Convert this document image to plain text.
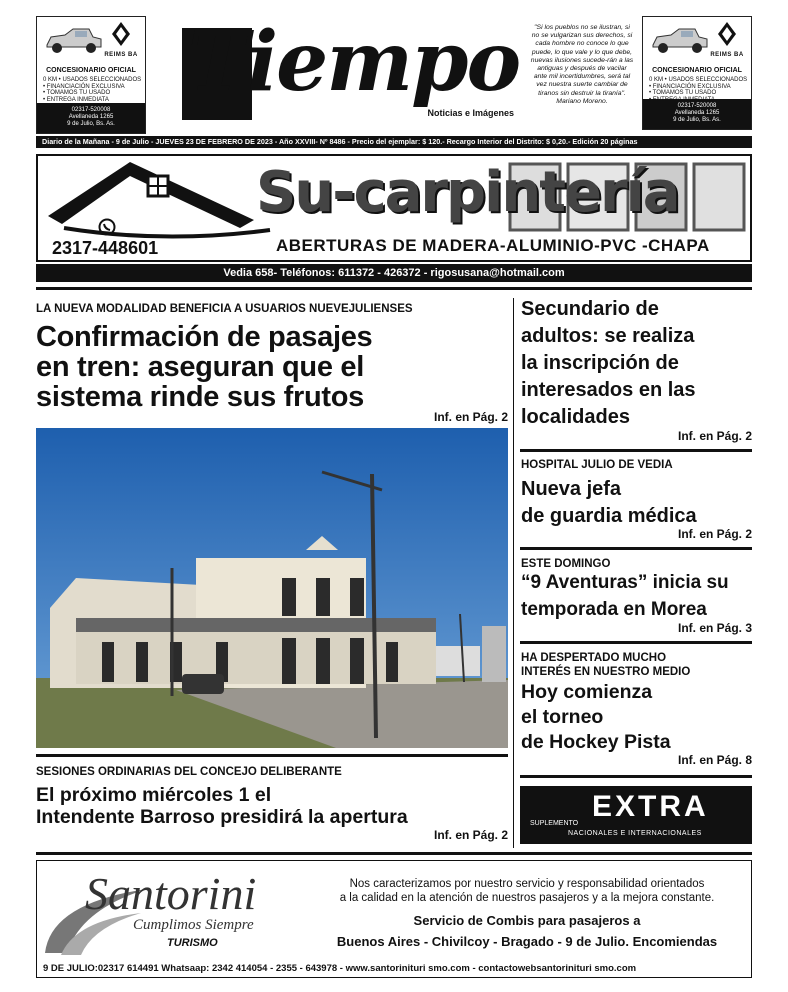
REIMS BA
CONCESIONARIO OFICIAL
0 KM • USADOS SELECCIONADOS
• FINANCIACIÓN EXCLUSIVA
• TOMAMOS TU USADO
• ENTREGA INMEDIATA
02317-520008
Avellaneda 1265
9 de Julio, Bs. As.
Tiempo
Noticias e Imágenes
"Si los pueblos no se ilustran, si no se vulgarizan sus derechos, si cada hombre no conoce lo que puede, lo que vale y lo que debe, nuevas ilusiones sucede-rán a las antiguas y después de vacilar ante mil incertidumbres, será tal vez nuestra suerte cambiar de tiranos sin destruir la tiranía". Mariano Moreno.
REIMS BA
CONCESIONARIO OFICIAL
0 KM • USADOS SELECCIONADOS
• FINANCIACIÓN EXCLUSIVA
• TOMAMOS TU USADO
02317-520008
Avellaneda 1265
9 de Julio, Bs. As.
Diario de la Mañana - 9 de Julio - JUEVES 23 DE FEBRERO DE 2023 - Año XXVIII- Nº 8486 - Precio del ejemplar: $ 120.- Recargo Interior del Distrito: $ 0,20.- Edición 20 páginas
Su-carpintería
2317-448601	ABERTURAS DE MADERA-ALUMINIO-PVC -CHAPA
Vedia 658- Teléfonos: 611372 - 426372 - rigosusana@hotmail.com
LA NUEVA MODALIDAD BENEFICIA A USUARIOS NUEVEJULIENSES
Confirmación de pasajes
en tren: aseguran que el
sistema rinde sus frutos
Inf. en Pág. 2
SESIONES ORDINARIAS DEL CONCEJO DELIBERANTE
El próximo miércoles 1 el
Intendente Barroso presidirá la apertura
Inf. en Pág. 2
Secundario de
adultos: se realiza
la inscripción de
interesados en las
localidades
Inf. en Pág. 2
HOSPITAL JULIO DE VEDIA
Nueva jefa
de guardia médica
Inf. en Pág. 2
ESTE DOMINGO
“9 Aventuras” inicia su
temporada en Morea
Inf. en Pág. 3
HA DESPERTADO MUCHO
INTERÉS EN NUESTRO MEDIO
Hoy comienza
el torneo
de Hockey Pista
Inf. en Pág. 8
EXTRA
SUPLEMENTO
NACIONALES E INTERNACIONALES
Santorini
Cumplimos Siempre
TURISMO
Nos caracterizamos por nuestro servicio y responsabilidad orientados
a la calidad en la atención de nuestros pasajeros y a la mejora constante.
Servicio de Combis para pasajeros a
Buenos Aires - Chivilcoy - Bragado - 9 de Julio. Encomiendas
9 DE JULIO:02317 614491 Whatsaap: 2342 414054 - 2355 - 643978 - www.santorinituri smo.com - contactowebsantorinituri smo.com
